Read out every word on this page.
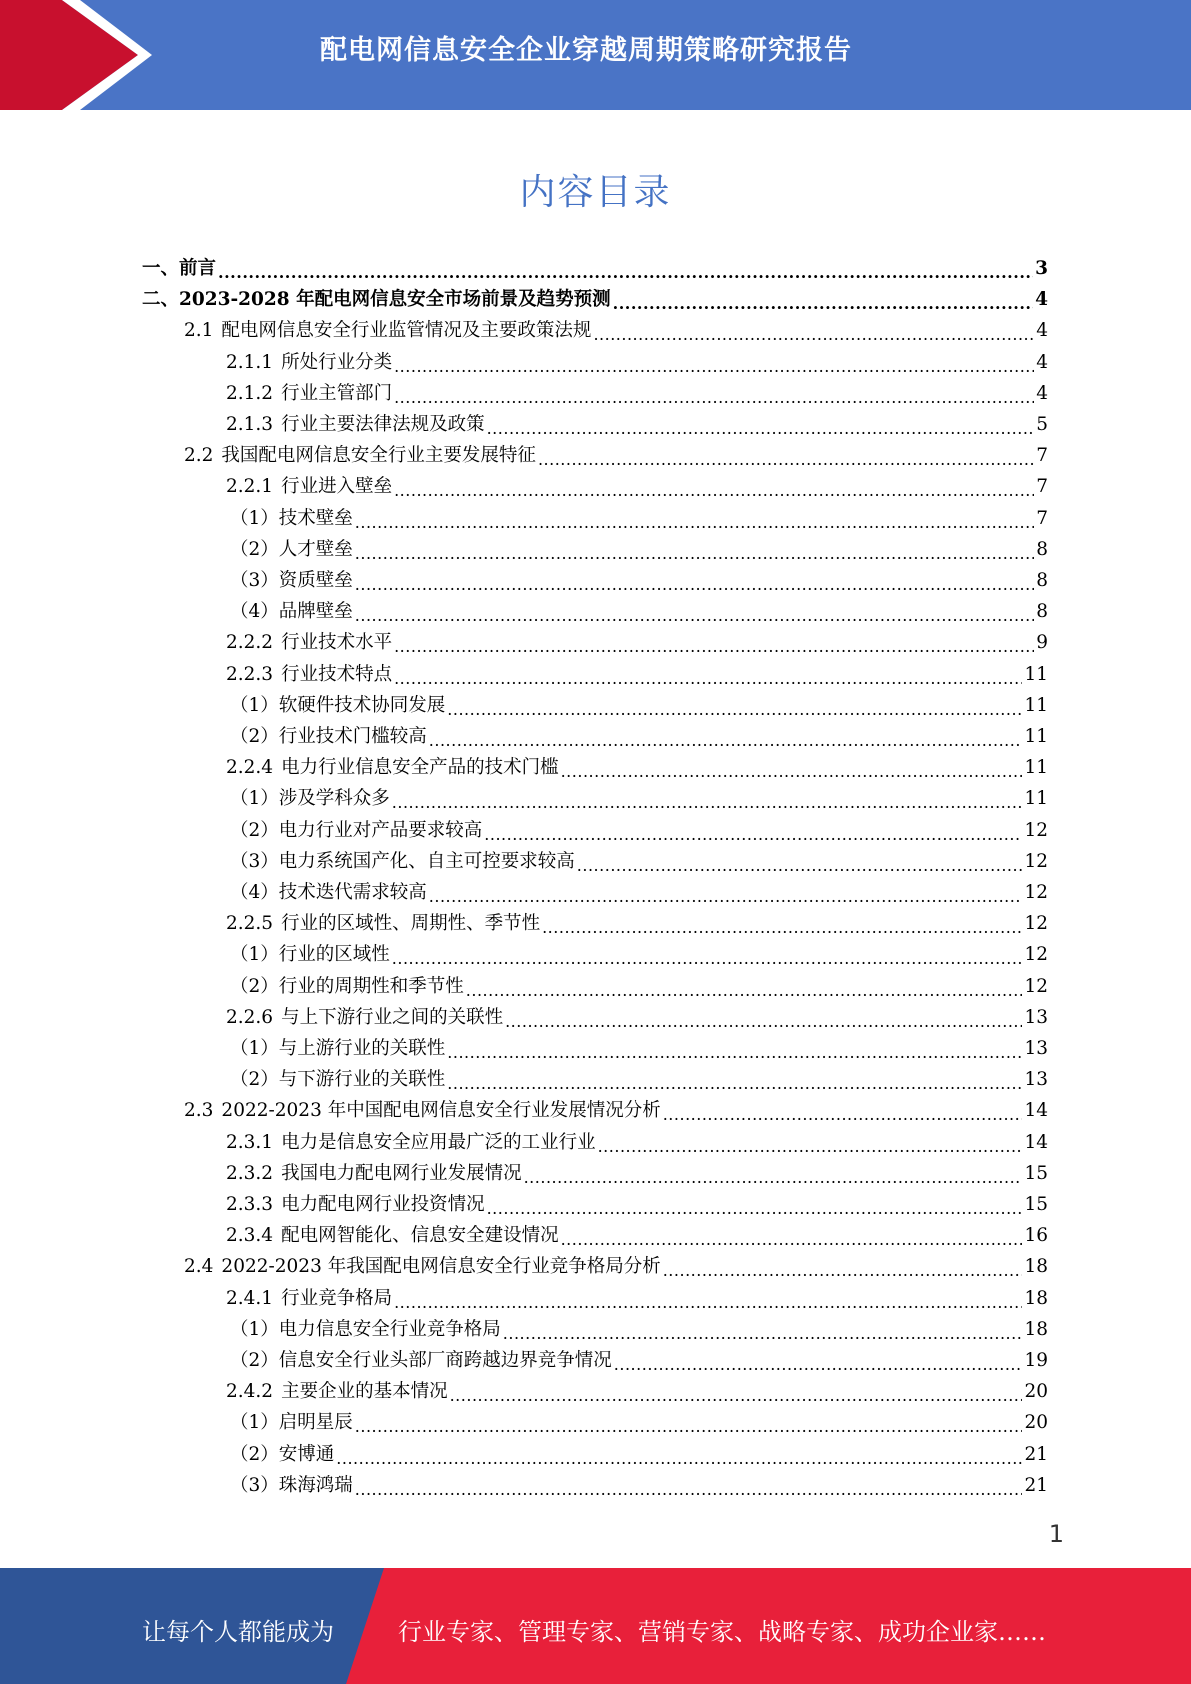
配电网信息安全企业穿越周期策略研究报告
内容目录
一、 前言 .....	3
二、 2023-2028 年配电网信息安全市场前景及趋势预测 .....	4
2.1 配电网信息安全行业监管情况及主要政策法规 .....	4
2.1.1 所处行业分类 .....	4
2.1.2 行业主管部门 .....	4
2.1.3 行业主要法律法规及政策 .....	5
2.2 我国配电网信息安全行业主要发展特征 .....	7
2.2.1 行业进入壁垒 .....	7
（1） 技术壁垒 .....	7
（2） 人才壁垒 .....	8
（3） 资质壁垒 .....	8
（4） 品牌壁垒 .....	8
2.2.2 行业技术水平 .....	9
2.2.3 行业技术特点 .....	11
（1） 软硬件技术协同发展 .....	11
（2） 行业技术门槛较高 .....	11
2.2.4 电力行业信息安全产品的技术门槛 .....	11
（1） 涉及学科众多 .....	11
（2） 电力行业对产品要求较高 .....	12
（3） 电力系统国产化、自主可控要求较高 .....	12
（4） 技术迭代需求较高 .....	12
2.2.5 行业的区域性、周期性、季节性 .....	12
（1） 行业的区域性 .....	12
（2） 行业的周期性和季节性 .....	12
2.2.6 与上下游行业之间的关联性 .....	13
（1） 与上游行业的关联性 .....	13
（2） 与下游行业的关联性 .....	13
2.3 2022-2023 年中国配电网信息安全行业发展情况分析 .....	14
2.3.1 电力是信息安全应用最广泛的工业行业 .....	14
2.3.2 我国电力配电网行业发展情况 .....	15
2.3.3 电力配电网行业投资情况 .....	15
2.3.4 配电网智能化、信息安全建设情况 .....	16
2.4 2022-2023 年我国配电网信息安全行业竞争格局分析 .....	18
2.4.1 行业竞争格局 .....	18
（1） 电力信息安全行业竞争格局 .....	18
（2） 信息安全行业头部厂商跨越边界竞争情况 .....	19
2.4.2 主要企业的基本情况 .....	20
（1） 启明星辰 .....	20
（2） 安博通 .....	21
（3） 珠海鸿瑞 .....	21
1
让每个人都能成为	行业专家、管理专家、营销专家、战略专家、成功企业家……
